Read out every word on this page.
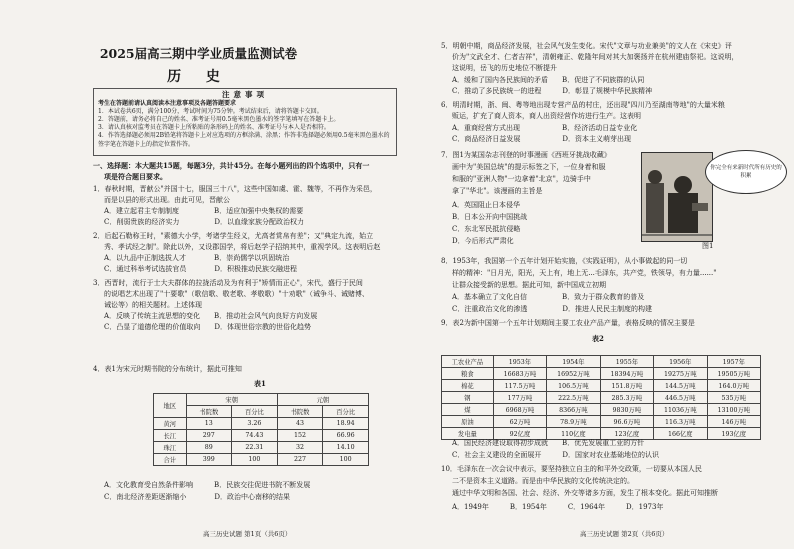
2025届高三期中学业质量监测试卷
历 史
注意事项
考生在答题前请认真阅读本注意事项及各题答题要求
1．本试卷共6页，满分100分，考试时间为75分钟。考试结束后，请将答题卡交回。
2．答题前，请务必将自己的姓名、准考证号用0.5毫米黑色墨水的签字笔填写在答题卡上。
3．请认真核对监考员在答题卡上所粘贴的条形码上的姓名、准考证号与本人是否相符。
4．作答选择题必须用2B铅笔将答题卡上对应选项的方框涂满、涂黑；作答非选择题必须用0.5毫米黑色墨水的签字笔在答题卡上的指定位置作答。
一、选择题：本大题共15题，每题3分，共计45分。在每小题列出的四个选项中，只有一
项是符合题目要求。
1．春秋时期，晋献公"并国十七，服国三十八"，这些中国如虞、霍、魏等，不再作为采邑，
而是以县的形式出现。由此可见，晋献公
A．建立起君主专制制度　　　　　B．适应加强中央集权的需要
C．削弱贵族的经济实力　　　　　D．以血缘家族分配政治权力
2．后起石勒称王时，"素德大小学，考诸学生经义，尤高者赏帛有差"；又"典定九流，始立
秀、孝试经之制"。除此以外，又设郡国学，将后赵学子招纳其中，重视学风。这表明后赵
A．以九品中正制选拔人才　　　　B．崇尚儒学以巩固统治
C．通过科举考试选拔官员　　　　D．积极推动民族交融进程
3．西晋时，流行于士大夫群体的拉拢活动及为有利于"矫情而正心"，宋代，盛行于民间
的说唱艺术出现了"十要歌"（歌信歌、敬老歌、孝敬歌）"十劝歌"（诫争斗、诫赌博、
诫讼等）的相关题材。上述体现
A．反映了传统主流思想的变化　　B．推动社会风气向良好方向发展
C．凸显了道德伦理的价值取向　　D．体现世俗宗教的世俗化趋势
4．表1为宋元时期书院的分布统计，据此可推知
表1
地区	宋朝		元朝	
	书院数	百分比	书院数	百分比
黄河	13	3.26	43	18.94
长江	297	74.43	152	66.96
珠江	89	22.31	32	14.10
合计	399	100	227	100
A．文化教育受自然条件影响　　　B．民族交往促进书院不断发展
C．南北经济差距逐渐缩小　　　　D．政治中心南移的结果
高三历史试题 第1页（共6页）
5．明朝中期，商品经济发展，社会风气发生变化。宋代"文章与功业兼美"的文人在《宋史》评
价为"文武全才、仁者吉祥"，清朝雍正、乾隆年间对其大加褒扬并在杭州建庙祭祀。这说明，
这说明，岳飞的历史地位不断提升
A．缓和了国内各民族间的矛盾　　B．促进了不同族群的认同
C．推动了多民族统一的进程　　　D．彰显了规模中华民族精神
6．明清时期，浙、闽、粤等地出现专营产品的村庄，还出现"四川乃至湖南等地"的大量米粮
贩运，扩充了商人资本，商人出资经营作坊进行生产。这表明
A．重商经营方式出现　　　　　　B．经济活动日益专业化
C．商品经济日益发展　　　　　　D．资本主义萌芽出现
7．图1为某国杂志刊登的时事漫画《西班牙挑战收藏》
画中为"美国总统"的提示标签之下，一位身着和服
和服的"亚洲人物"一边拿着"北京"，边骑手中
拿了"华北"。该漫画的主旨是
A．英国阻止日本侵华
B．日本公开向中国挑战
C．东北军民抵抗侵略
D．今后形式严肃化
你完全有来新时代所有历史的积累
图1
8．1953年，我国第一个五年计划开始实施，《实践证明》，从小事做起的同一切
样的精神："日月光，阳光，天上有，地上无...毛泽东，共产党，铁领导，有力量......"
让群众接受新的思想。据此可知，新中国成立初期
A．基本确立了文化自信　　　　　B．致力于群众教育的普及
C．注重政治文化的渗透　　　　　D．推进人民民主制度的构建
9．表2为新中国第一个五年计划期间主要工农业产品产量，表格反映的情况主要是
表2
工农业产品	1953年	1954年	1955年	1956年	1957年
粮食	16683万吨	16952万吨	18394万吨	19275万吨	19505万吨
棉花	117.5万吨	106.5万吨	151.8万吨	144.5万吨	164.0万吨
钢	177万吨	222.5万吨	285.3万吨	446.5万吨	535万吨
煤	6968万吨	8366万吨	9830万吨	11036万吨	13100万吨
原油	62万吨	78.9万吨	96.6万吨	116.3万吨	146万吨
发电量	92亿度	110亿度	123亿度	166亿度	193亿度
A．国民经济建设取得初步成就　　B．优先发展重工业的方针
C．社会主义建设的全面展开　　　D．国家对农业基础地位的认识
10．毛泽东在一次会议中表示，要坚持独立自主的和平外交政策，一切要从本国人民
二不是资本主义道路。而是由中华民族的文化传统决定的。
通过中华文明和各国、社会、经济、外交等诸多方面，发生了根本变化。据此可知推断
A．1949年　　　B．1954年　　　C．1964年　　　D．1973年
高三历史试题 第2页（共6页）
